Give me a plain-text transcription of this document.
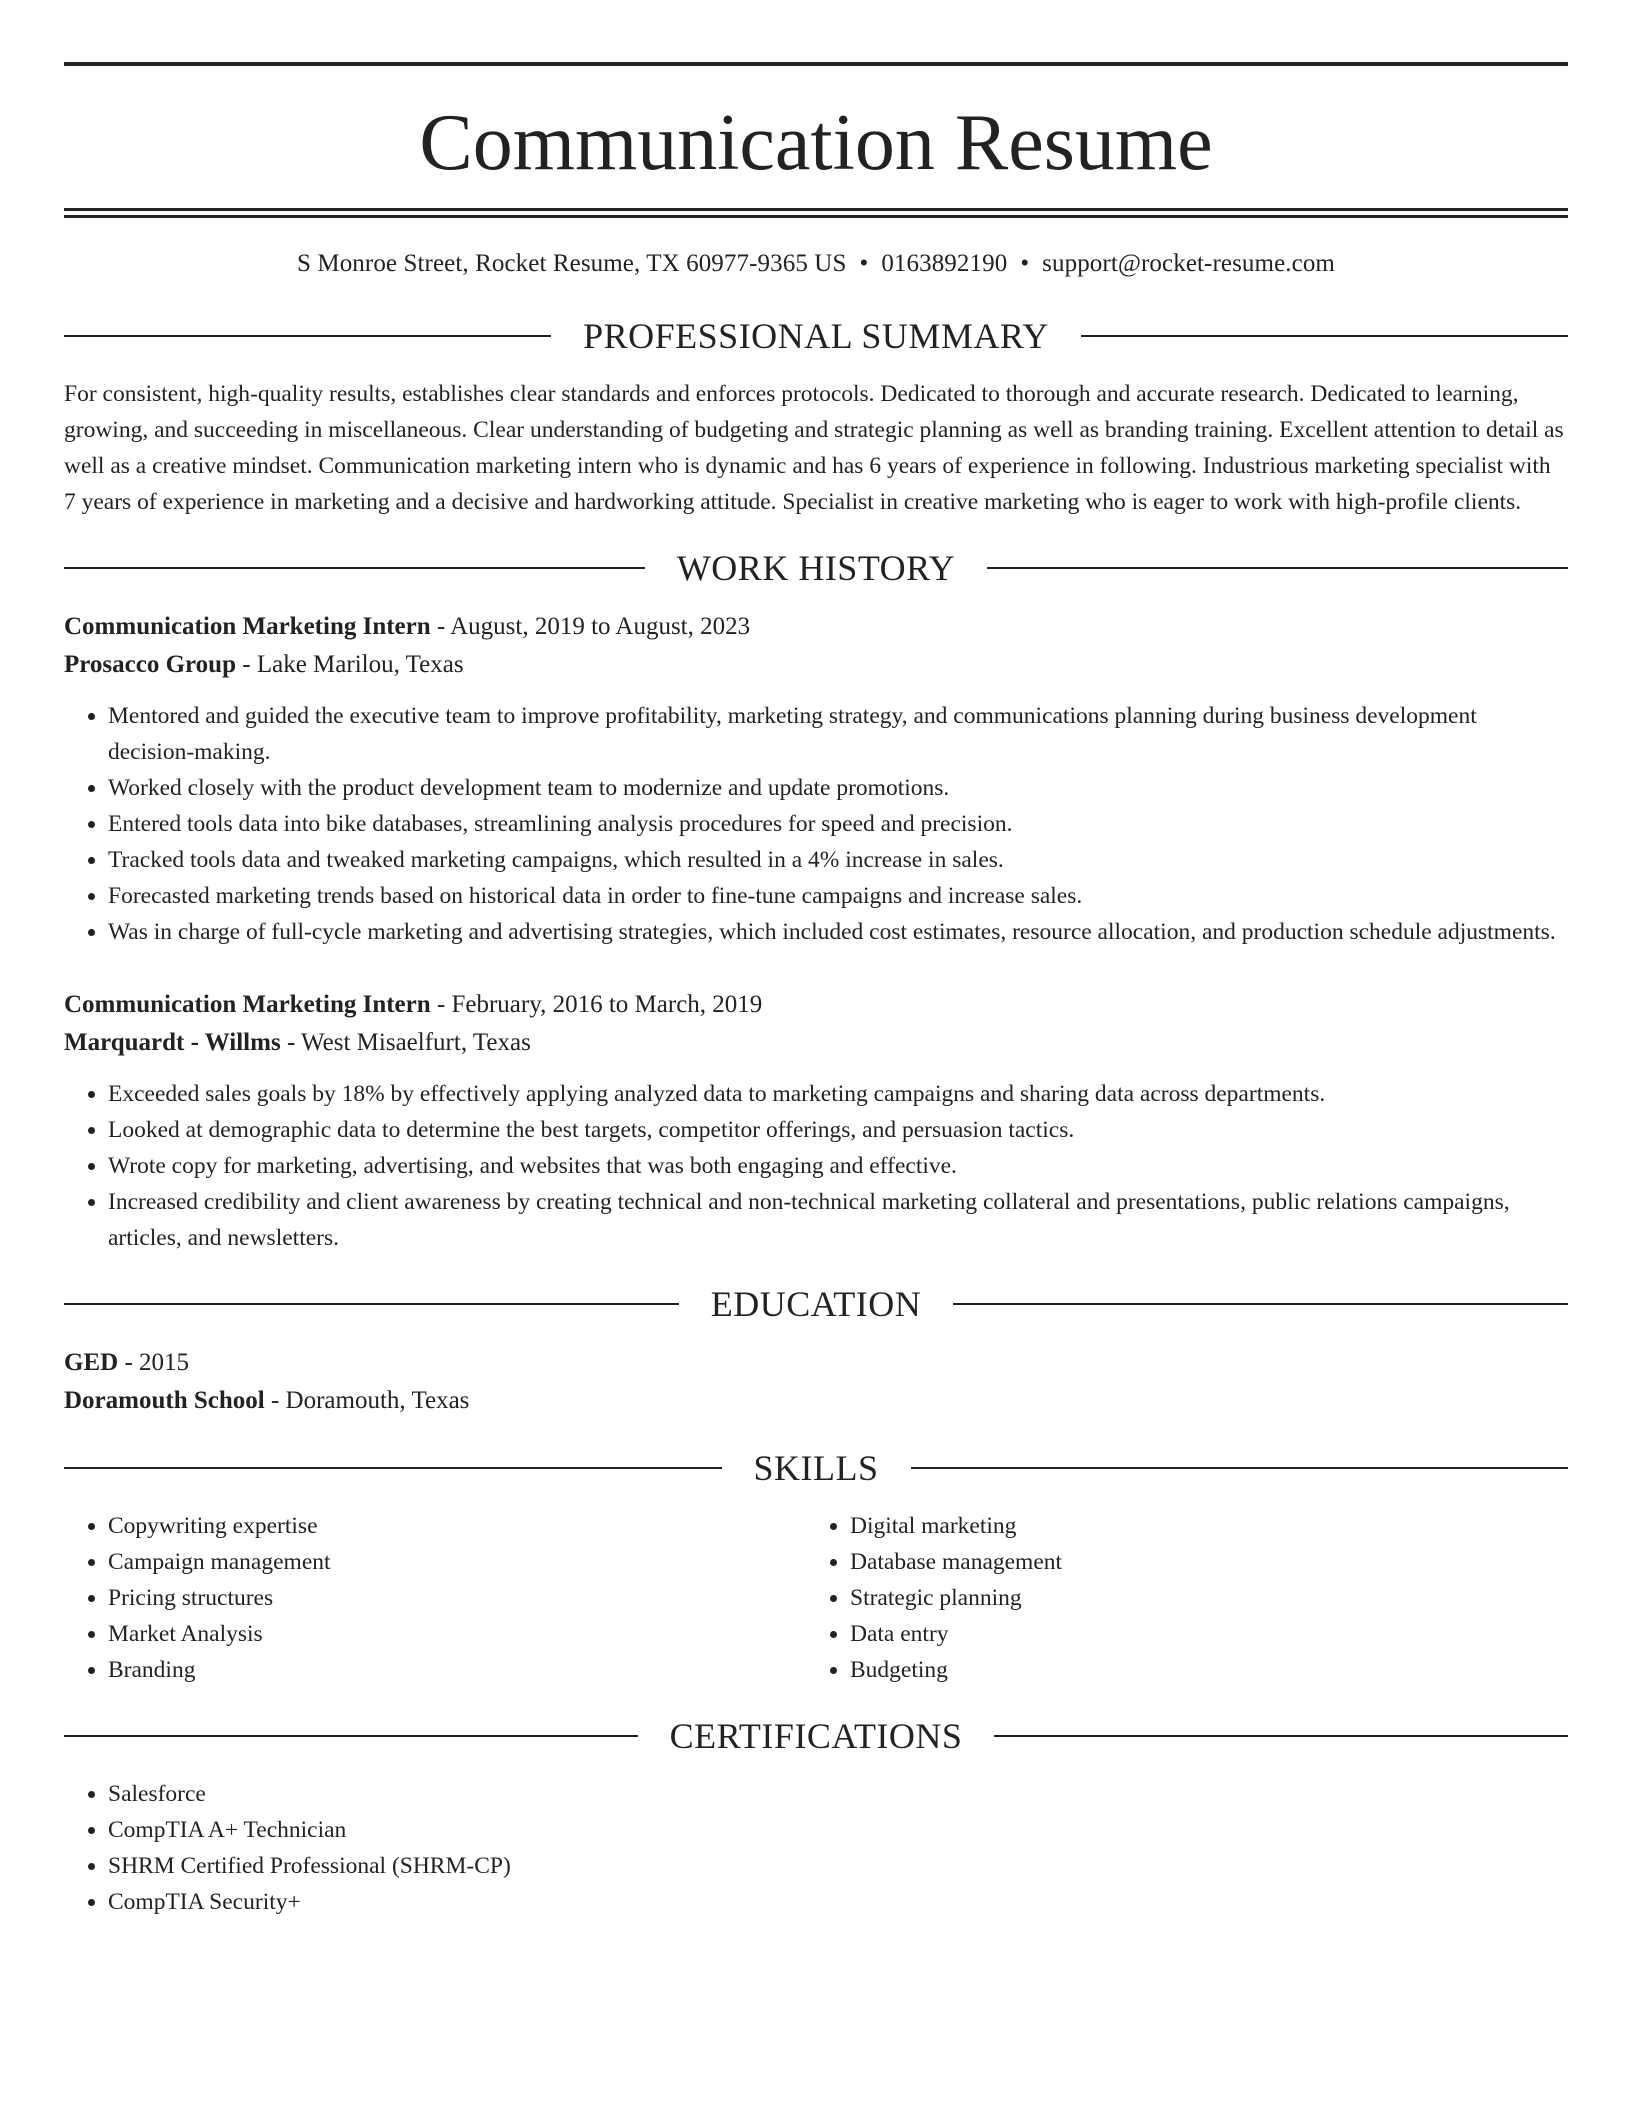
Communication Resume
S Monroe Street, Rocket Resume, TX 60977-9365 US • 0163892190 • support@rocket-resume.com
PROFESSIONAL SUMMARY

For consistent, high-quality results, establishes clear standards and enforces protocols. Dedicated to thorough and accurate research. Dedicated to learning, growing, and succeeding in miscellaneous. Clear understanding of budgeting and strategic planning as well as branding training. Excellent attention to detail as well as a creative mindset. Communication marketing intern who is dynamic and has 6 years of experience in following. Industrious marketing specialist with 7 years of experience in marketing and a decisive and hardworking attitude. Specialist in creative marketing who is eager to work with high-profile clients.

WORK HISTORY
Communication Marketing Intern - August, 2019 to August, 2023
Prosacco Group - Lake Marilou, Texas
• Mentored and guided the executive team to improve profitability, marketing strategy, and communications planning during business development decision-making.
• Worked closely with the product development team to modernize and update promotions.
• Entered tools data into bike databases, streamlining analysis procedures for speed and precision.
• Tracked tools data and tweaked marketing campaigns, which resulted in a 4% increase in sales.
• Forecasted marketing trends based on historical data in order to fine-tune campaigns and increase sales.
• Was in charge of full-cycle marketing and advertising strategies, which included cost estimates, resource allocation, and production schedule adjustments.
Communication Marketing Intern - February, 2016 to March, 2019
Marquardt - Willms - West Misaelfurt, Texas
• Exceeded sales goals by 18% by effectively applying analyzed data to marketing campaigns and sharing data across departments.
• Looked at demographic data to determine the best targets, competitor offerings, and persuasion tactics.
• Wrote copy for marketing, advertising, and websites that was both engaging and effective.
• Increased credibility and client awareness by creating technical and non-technical marketing collateral and presentations, public relations campaigns, articles, and newsletters.
EDUCATION
GED - 2015
Doramouth School - Doramouth, Texas
SKILLS
• Copywriting expertise
• Campaign management
• Pricing structures
• Market Analysis
• Branding
• Digital marketing
• Database management
• Strategic planning
• Data entry
• Budgeting
CERTIFICATIONS
• Salesforce
• CompTIA A+ Technician
• SHRM Certified Professional (SHRM-CP)
• CompTIA Security+
